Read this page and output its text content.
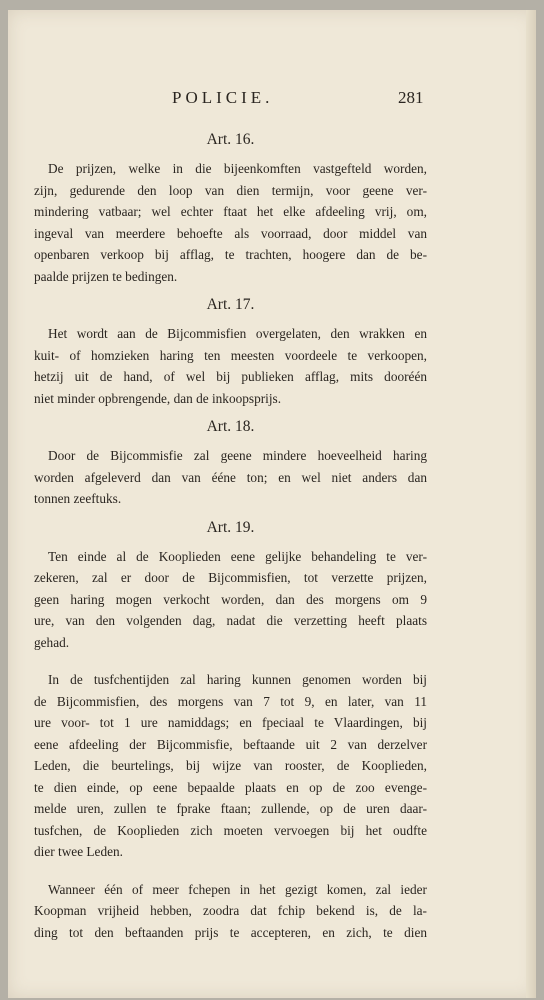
POLICIE.	281
Art. 16.
De prijzen, welke in die bijeenkomften vastgefteld worden,
zijn, gedurende den loop van dien termijn, voor geene ver-
mindering vatbaar; wel echter ftaat het elke afdeeling vrij, om,
ingeval van meerdere behoefte als voorraad, door middel van
openbaren verkoop bij afflag, te trachten, hoogere dan de be-
paalde prijzen te bedingen.
Art. 17.
Het wordt aan de Bijcommisfien overgelaten, den wrakken en
kuit- of homzieken haring ten meesten voordeele te verkoopen,
hetzij uit de hand, of wel bij publieken afflag, mits dooréén
niet minder opbrengende, dan de inkoopsprijs.
Art. 18.
Door de Bijcommisfie zal geene mindere hoeveelheid haring
worden afgeleverd dan van ééne ton; en wel niet anders dan
tonnen zeeftuks.
Art. 19.
Ten einde al de Kooplieden eene gelijke behandeling te ver-
zekeren, zal er door de Bijcommisfien, tot verzette prijzen,
geen haring mogen verkocht worden, dan des morgens om 9
ure, van den volgenden dag, nadat die verzetting heeft plaats
gehad.
In de tusfchentijden zal haring kunnen genomen worden bij
de Bijcommisfien, des morgens van 7 tot 9, en later, van 11
ure voor- tot 1 ure namiddags; en fpeciaal te Vlaardingen, bij
eene afdeeling der Bijcommisfie, beftaande uit 2 van derzelver
Leden, die beurtelings, bij wijze van rooster, de Kooplieden,
te dien einde, op eene bepaalde plaats en op de zoo evenge-
melde uren, zullen te fprake ftaan; zullende, op de uren daar-
tusfchen, de Kooplieden zich moeten vervoegen bij het oudfte
dier twee Leden.
Wanneer één of meer fchepen in het gezigt komen, zal ieder
Koopman vrijheid hebben, zoodra dat fchip bekend is, de la-
ding tot den beftaanden prijs te accepteren, en zich, te dien
